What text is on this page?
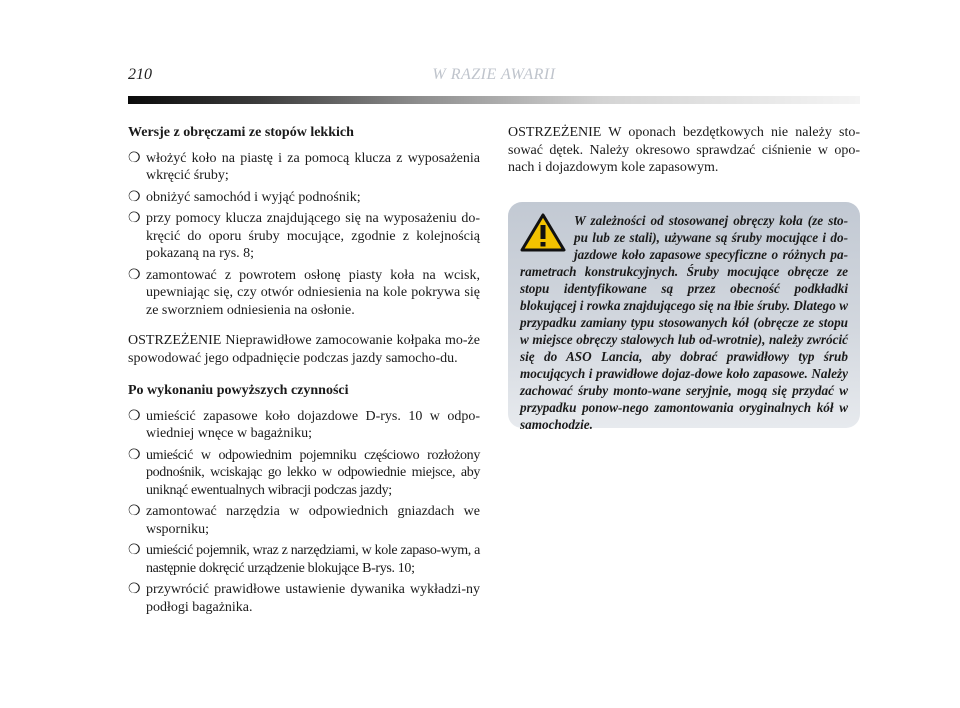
210	W RAZIE AWARII
Wersje z obręczami ze stopów lekkich
❍ włożyć koło na piastę i za pomocą klucza z wyposażenia wkręcić śruby;
❍ obniżyć samochód i wyjąć podnośnik;
❍ przy pomocy klucza znajdującego się na wyposażeniu do-kręcić do oporu śruby mocujące, zgodnie z kolejnością pokazaną na rys. 8;
❍ zamontować z powrotem osłonę piasty koła na wcisk, upewniając się, czy otwór odniesienia na kole pokrywa się ze sworzniem odniesienia na osłonie.

OSTRZEŻENIE Nieprawidłowe zamocowanie kołpaka mo-że spowodować jego odpadnięcie podczas jazdy samocho-du.

Po wykonaniu powyższych czynności
❍ umieścić zapasowe koło dojazdowe D-rys. 10 w odpo-wiedniej wnęce w bagażniku;
❍ umieścić w odpowiednim pojemniku częściowo rozłożony podnośnik, wciskając go lekko w odpowiednie miejsce, aby uniknąć ewentualnych wibracji podczas jazdy;
❍ zamontować narzędzia w odpowiednich gniazdach we wsporniku;
❍ umieścić pojemnik, wraz z narzędziami, w kole zapaso-wym, a następnie dokręcić urządzenie blokujące B-rys. 10;
❍ przywrócić prawidłowe ustawienie dywanika wykładzi-ny podłogi bagażnika.

OSTRZEŻENIE W oponach bezdętkowych nie należy sto-sować dętek. Należy okresowo sprawdzać ciśnienie w opo-nach i dojazdowym kole zapasowym.

W zależności od stosowanej obręczy koła (ze sto-pu lub ze stali), używane są śruby mocujące i do-jazdowe koło zapasowe specyficzne o różnych pa-rametrach konstrukcyjnych. Śruby mocujące obręcze ze stopu identyfikowane są przez obecność podkładki blokującej i rowka znajdującego się na łbie śruby. Dlatego w przypadku zamiany typu stosowanych kół (obręcze ze stopu w miejsce obręczy stalowych lub od-wrotnie), należy zwrócić się do ASO Lancia, aby dobrać prawidłowy typ śrub mocujących i prawidłowe dojaz-dowe koło zapasowe. Należy zachować śruby monto-wane seryjnie, mogą się przydać w przypadku ponow-nego zamontowania oryginalnych kół w samochodzie.
